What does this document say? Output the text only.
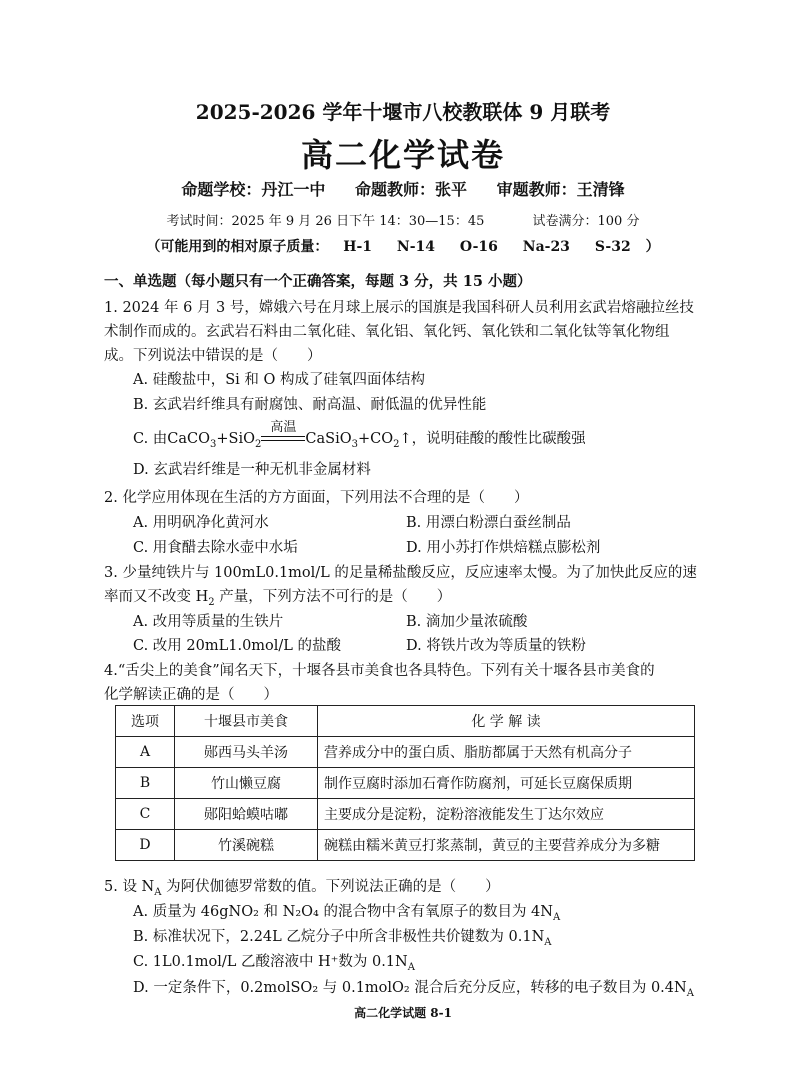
2025-2026 学年十堰市八校教联体 9 月联考
高二化学试卷
命题学校：丹江一中 命题教师：张平 审题教师：王清锋
考试时间：2025 年 9 月 26 日下午 14：30—15：45	试卷满分：100 分
（可能用到的相对原子质量： H-1 N-14 O-16 Na-23 S-32 ）
一、单选题（每小题只有一个正确答案，每题 3 分，共 15 小题）
1. 2024 年 6 月 3 号，嫦娥六号在月球上展示的国旗是我国科研人员利用玄武岩熔融拉丝技
术制作而成的。玄武岩石料由二氧化硅、氧化铝、氧化钙、氧化铁和二氧化钛等氧化物组
成。下列说法中错误的是（　　）
A. 硅酸盐中，Si 和 O 构成了硅氧四面体结构
B. 玄武岩纤维具有耐腐蚀、耐高温、耐低温的优异性能
C. 由CaCO$_3$+SiO$_2$
高温
$CaSiO_3+CO_2↑$，说明硅酸的酸性比碳酸强
D. 玄武岩纤维是一种无机非金属材料
2. 化学应用体现在生活的方方面面，下列用法不合理的是（　　）
A. 用明矾净化黄河水	B. 用漂白粉漂白蚕丝制品
C. 用食醋去除水壶中水垢	D. 用小苏打作烘焙糕点膨松剂
3. 少量纯铁片与 100mL0.1mol/L 的足量稀盐酸反应，反应速率太慢。为了加快此反应的速
率而又不改变 $H_2$ 产量，下列方法不可行的是（　　）
A. 改用等质量的生铁片	B. 滴加少量浓硫酸
C. 改用 20mL1.0mol/L 的盐酸	D. 将铁片改为等质量的铁粉
4.“舌尖上的美食”闻名天下，十堰各县市美食也各具特色。下列有关十堰各县市美食的
化学解读正确的是（　　）
选项	十堰县市美食	化 学 解 读
A	郧西马头羊汤	营养成分中的蛋白质、脂肪都属于天然有机高分子
B	竹山懒豆腐	制作豆腐时添加石膏作防腐剂，可延长豆腐保质期
C	郧阳蛤蟆咕嘟	主要成分是淀粉，淀粉溶液能发生丁达尔效应
D	竹溪碗糕	碗糕由糯米黄豆打浆蒸制，黄豆的主要营养成分为多糖
5. 设 $N_A$ 为阿伏伽德罗常数的值。下列说法正确的是（　　）
A. 质量为 46gNO₂ 和 N₂O₄ 的混合物中含有氧原子的数目为 $4N_A$
B. 标准状况下，2.24L 乙烷分子中所含非极性共价键数为 $0.1N_A$
C. 1L0.1mol/L 乙酸溶液中 H⁺数为 $0.1N_A$
D. 一定条件下，0.2molSO₂ 与 0.1molO₂ 混合后充分反应，转移的电子数目为 $0.4N_A$
高二化学试题 8-1
